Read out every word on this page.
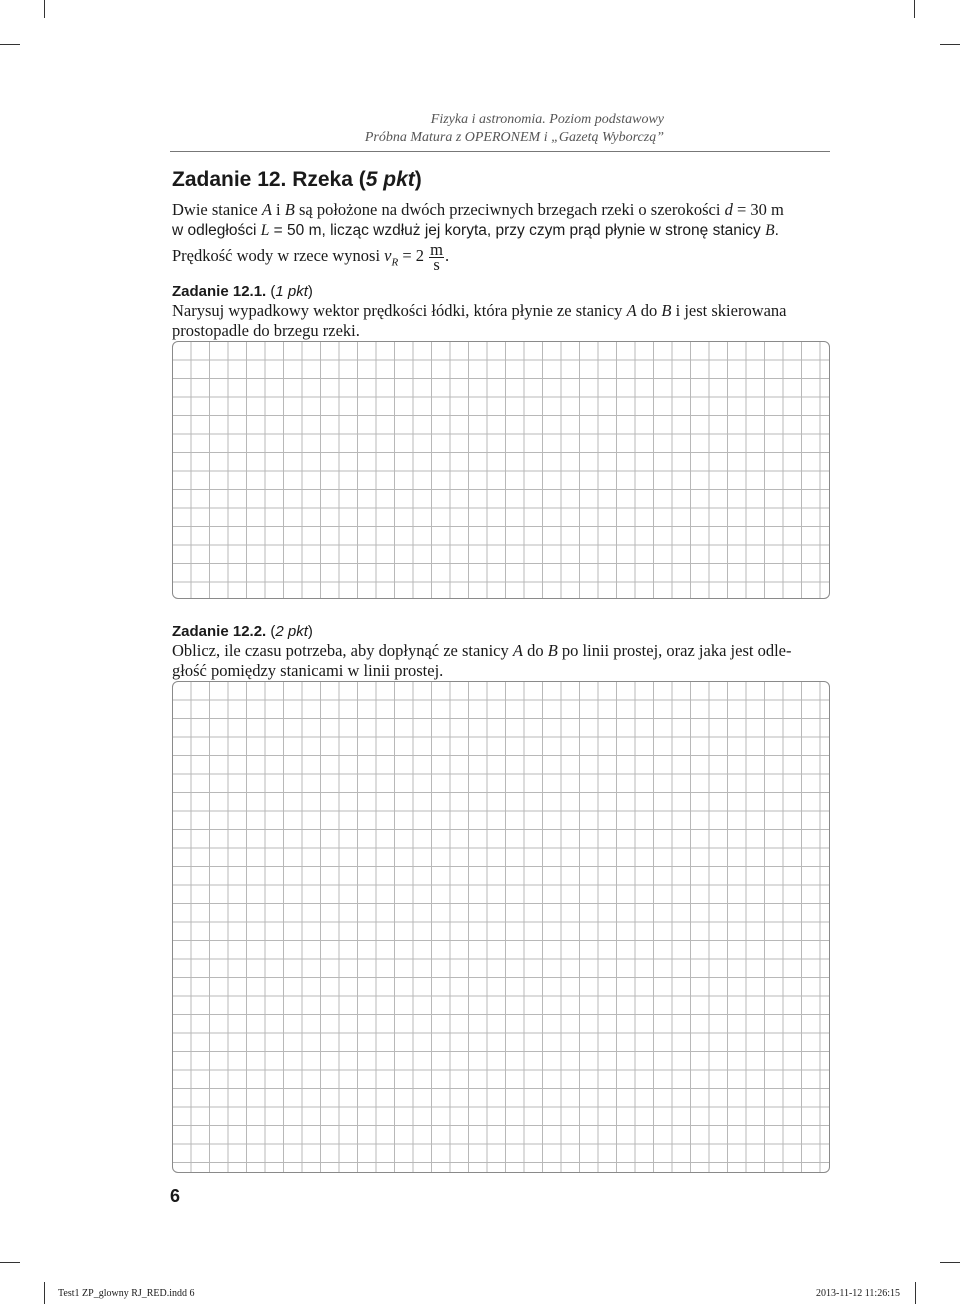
Fizyka i astronomia. Poziom podstawowy
Próbna Matura z OPERONEM i „Gazetą Wyborczą”
Zadanie 12. Rzeka (5 pkt)
Dwie stanice A i B są położone na dwóch przeciwnych brzegach rzeki o szerokości d = 30 m
w odległości L = 50 m, licząc wzdłuż jej koryta, przy czym prąd płynie w stronę stanicy B.
Prędkość wody w rzece wynosi $v_R = 2 \frac{m}{s}$ .
Zadanie 12.1. (1 pkt)
Narysuj wypadkowy wektor prędkości łódki, która płynie ze stanicy A do B i jest skierowana
prostopadle do brzegu rzeki.
Zadanie 12.2. (2 pkt)
Oblicz, ile czasu potrzeba, aby dopłynąć ze stanicy A do B po linii prostej, oraz jaka jest odle-
głość pomiędzy stanicami w linii prostej.
6
Test1 ZP_glowny RJ_RED.indd 6	2013-11-12 11:26:15
